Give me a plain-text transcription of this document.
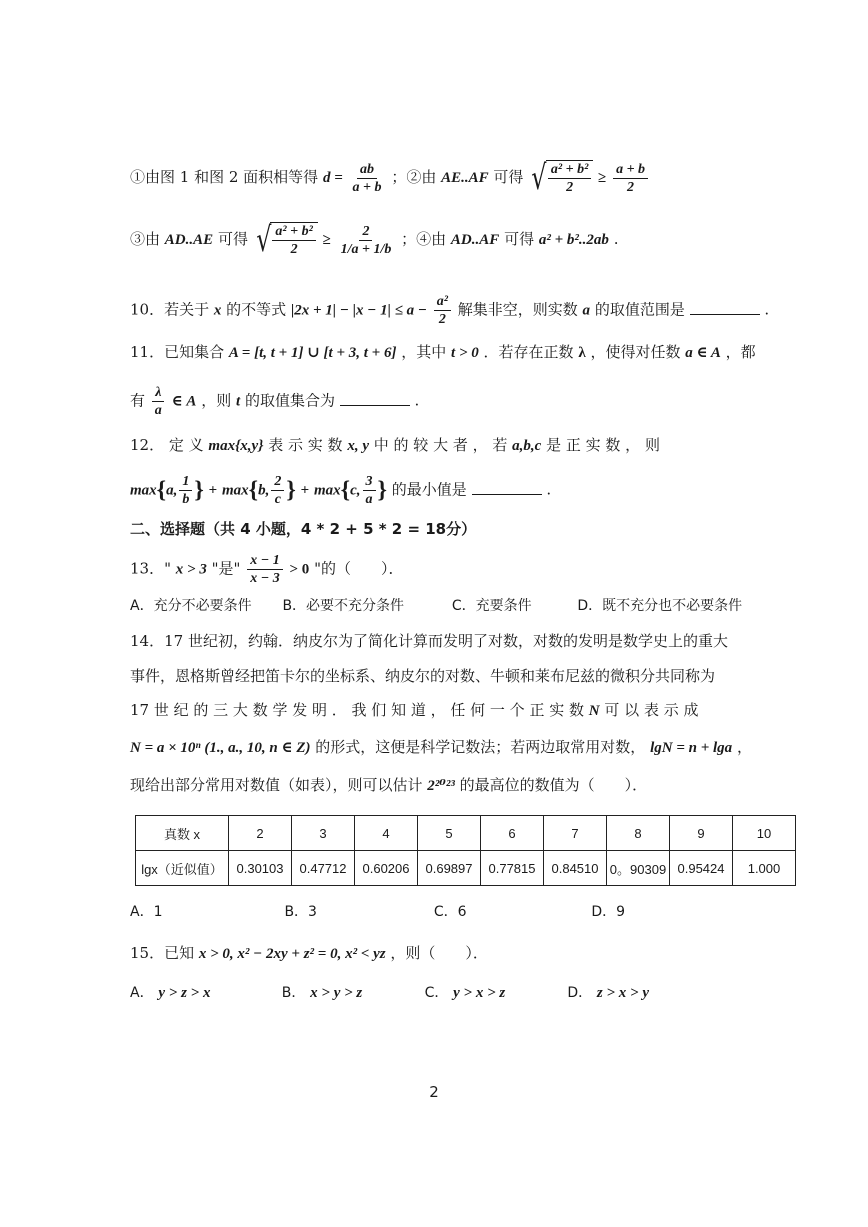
①由图 1 和图 2 面积相等得 $d = \frac{ab}{a + b}$ ；②由 AE..AF 可得 √ $\frac{\text{a² + b²}}{2} \ge \frac{a + b}{2}$
③由 AD..AE 可得 √ $\frac{\text{a² + b²}}{2} \ge \frac{2}{1/a + 1/b}$ ；④由 AD..AF 可得 a² + b²..2ab .
10．若关于 x 的不等式 $|2x + 1| - |x - 1| \le a - \frac{\text{a²}}{2}$ 解集非空，则实数 a 的取值范围是	.
11．已知集合 A = [t, t + 1] ∪ [t + 3, t + 6] ，其中 t > 0 ．若存在正数 λ ，使得对任数 a ∈ A ，都
有 $\frac{\lambda}{a}$ ∈ A ，则 t 的取值集合为	.
12． 定 义 max{x,y} 表 示 实 数 x, y 中 的 较 大 者 ， 若 a,b,c 是 正 实 数 ， 则
max{a, $\frac{1}{b}$ } + max{b, $\frac{2}{c}$ } + max{c, $\frac{3}{a}$ } 的最小值是	.
二、选择题（共 4 小题，4 * 2 + 5 * 2 = 18分）
13．" x > 3 "是" $\frac{x - 1}{x - 3} > 0$ "的（　　）．
A．充分不必要条件 B．必要不充分条件	C．充要条件	D．既不充分也不必要条件
14．17 世纪初，约翰．纳皮尔为了简化计算而发明了对数，对数的发明是数学史上的重大
事件，恩格斯曾经把笛卡尔的坐标系、纳皮尔的对数、牛顿和莱布尼兹的微积分共同称为
17 世 纪 的 三 大 数 学 发 明 ． 我 们 知 道 ， 任 何 一 个 正 实 数 N 可 以 表 示 成
N = a × 10ⁿ (1., a., 10, n ∈ Z) 的形式，这便是科学记数法；若两边取常用对数， lgN = n + lga ，
现给出部分常用对数值（如表），则可以估计 2²⁰²³ 的最高位的数值为（　　）．
真数 x	2	3	4	5	6	7	8	9	10
lgx（近似值）	0.30103	0.47712	0.60206	0.69897	0.77815	0.84510	0。90309	0.95424	1.000
A．1	B．3	C．6	D．9
15．已知 x > 0, x² − 2xy + z² = 0, x² < yz ，则（　　）．
A． y > z > x	B． x > y > z	C． y > x > z	D． z > x > y
2
